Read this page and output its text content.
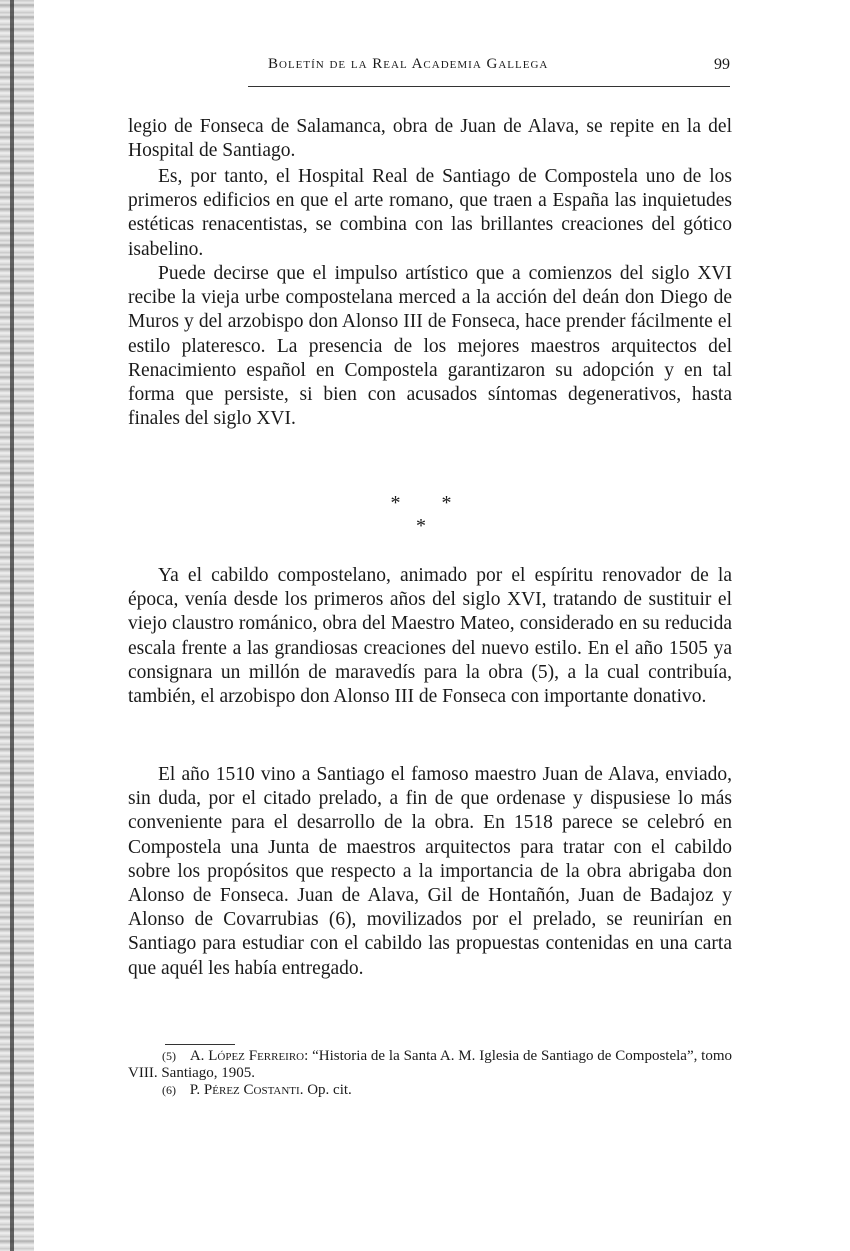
Boletín de la Real Academia Gallega	99

legio de Fonseca de Salamanca, obra de Juan de Alava, se repite en la del Hospital de Santiago.

Es, por tanto, el Hospital Real de Santiago de Compostela uno de los primeros edificios en que el arte romano, que traen a España las inquietudes estéticas renacentistas, se combina con las brillantes creaciones del gótico isabelino.

Puede decirse que el impulso artístico que a comienzos del siglo XVI recibe la vieja urbe compostelana merced a la acción del deán don Diego de Muros y del arzobispo don Alonso III de Fonseca, hace prender fácilmente el estilo plateresco. La presencia de los mejores maestros arquitectos del Renacimiento español en Compostela garantizaron su adopción y en tal forma que persiste, si bien con acusados síntomas degenerativos, hasta finales del siglo XVI.

* * *

Ya el cabildo compostelano, animado por el espíritu renovador de la época, venía desde los primeros años del siglo XVI, tratando de sustituir el viejo claustro románico, obra del Maestro Mateo, considerado en su reducida escala frente a las grandiosas creaciones del nuevo estilo. En el año 1505 ya consignara un millón de maravedís para la obra (5), a la cual contribuía, también, el arzobispo don Alonso III de Fonseca con importante donativo.

El año 1510 vino a Santiago el famoso maestro Juan de Alava, enviado, sin duda, por el citado prelado, a fin de que ordenase y dispusiese lo más conveniente para el desarrollo de la obra. En 1518 parece se celebró en Compostela una Junta de maestros arquitectos para tratar con el cabildo sobre los propósitos que respecto a la importancia de la obra abrigaba don Alonso de Fonseca. Juan de Alava, Gil de Hontañón, Juan de Badajoz y Alonso de Covarrubias (6), movilizados por el prelado, se reunirían en Santiago para estudiar con el cabildo las propuestas contenidas en una carta que aquél les había entregado.

(5) A. López Ferreiro: “Historia de la Santa A. M. Iglesia de Santiago de Compostela”, tomo VIII. Santiago, 1905.

(6) P. Pérez Costanti. Op. cit.
